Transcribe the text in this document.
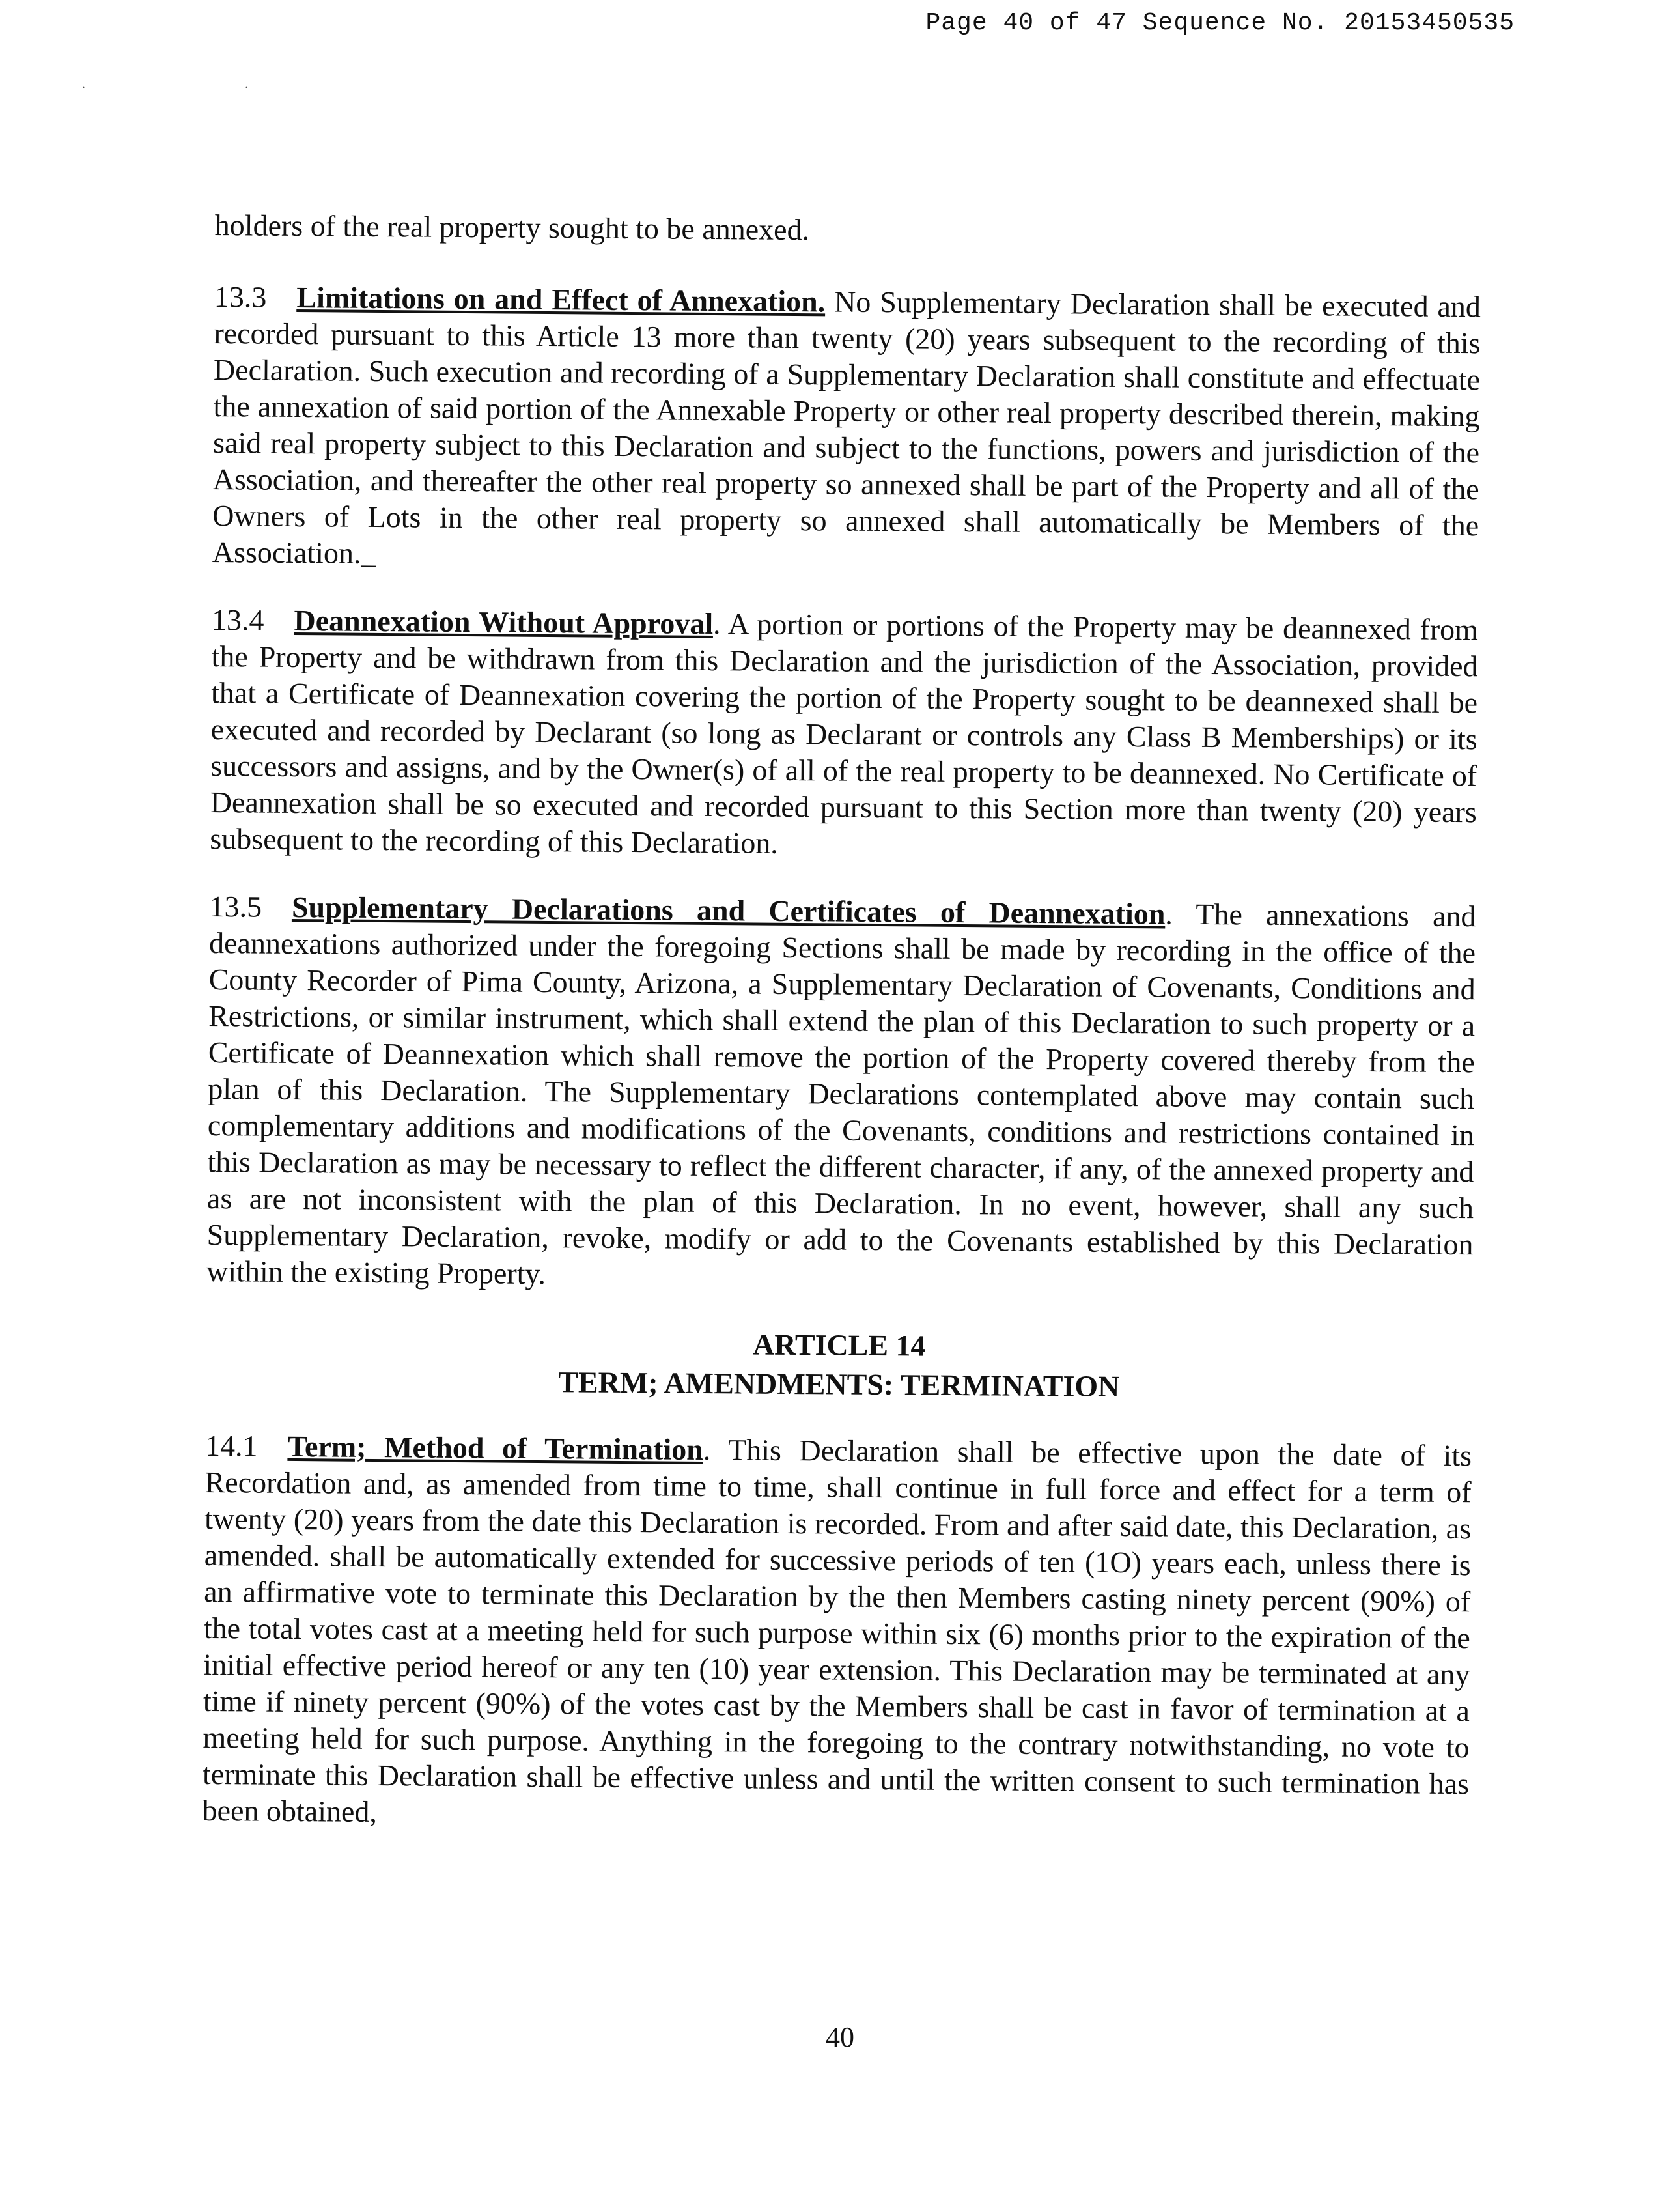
Page 40 of 47 Sequence No. 20153450535
. .

holders of the real property sought to be annexed.

13.3 Limitations on and Effect of Annexation. No Supplementary Declaration shall be executed and recorded pursuant to this Article 13 more than twenty (20) years subsequent to the recording of this Declaration. Such execution and recording of a Supplementary Declaration shall constitute and effectuate the annexation of said portion of the Annexable Property or other real property described therein, making said real property subject to this Declaration and subject to the functions, powers and jurisdiction of the Association, and thereafter the other real property so annexed shall be part of the Property and all of the Owners of Lots in the other real property so annexed shall automatically be Members of the Association._

13.4 Deannexation Without Approval. A portion or portions of the Property may be deannexed from the Property and be withdrawn from this Declaration and the jurisdiction of the Association, provided that a Certificate of Deannexation covering the portion of the Property sought to be deannexed shall be executed and recorded by Declarant (so long as Declarant or controls any Class B Memberships) or its successors and assigns, and by the Owner(s) of all of the real property to be deannexed. No Certificate of Deannexation shall be so executed and recorded pursuant to this Section more than twenty (20) years subsequent to the recording of this Declaration.

13.5 Supplementary Declarations and Certificates of Deannexation. The annexations and deannexations authorized under the foregoing Sections shall be made by recording in the office of the County Recorder of Pima County, Arizona, a Supplementary Declaration of Covenants, Conditions and Restrictions, or similar instrument, which shall extend the plan of this Declaration to such property or a Certificate of Deannexation which shall remove the portion of the Property covered thereby from the plan of this Declaration. The Supplementary Declarations contemplated above may contain such complementary additions and modifications of the Covenants, conditions and restrictions contained in this Declaration as may be necessary to reflect the different character, if any, of the annexed property and as are not inconsistent with the plan of this Declaration. In no event, however, shall any such Supplementary Declaration, revoke, modify or add to the Covenants established by this Declaration within the existing Property.

ARTICLE 14
TERM; AMENDMENTS: TERMINATION

14.1 Term; Method of Termination. This Declaration shall be effective upon the date of its Recordation and, as amended from time to time, shall continue in full force and effect for a term of twenty (20) years from the date this Declaration is recorded. From and after said date, this Declaration, as amended. shall be automatically extended for successive periods of ten (1O) years each, unless there is an affirmative vote to terminate this Declaration by the then Members casting ninety percent (90%) of the total votes cast at a meeting held for such purpose within six (6) months prior to the expiration of the initial effective period hereof or any ten (10) year extension. This Declaration may be terminated at any time if ninety percent (90%) of the votes cast by the Members shall be cast in favor of termination at a meeting held for such purpose. Anything in the foregoing to the contrary notwithstanding, no vote to terminate this Declaration shall be effective unless and until the written consent to such termination has been obtained,

40
